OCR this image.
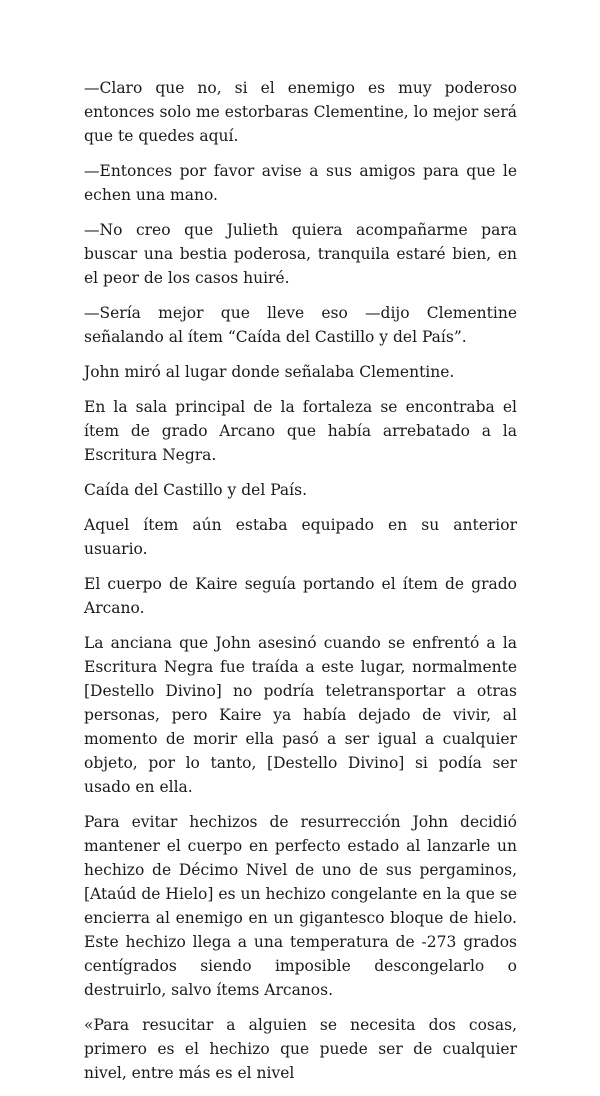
—Claro que no, si el enemigo es muy poderoso entonces solo me estorbaras Clementine, lo mejor será que te quedes aquí.

—Entonces por favor avise a sus amigos para que le echen una mano.

—No creo que Julieth quiera acompañarme para buscar una bestia poderosa, tranquila estaré bien, en el peor de los casos huiré.

—Sería mejor que lleve eso —dijo Clementine señalando al ítem “Caída del Castillo y del País”.

John miró al lugar donde señalaba Clementine.

En la sala principal de la fortaleza se encontraba el ítem de grado Arcano que había arrebatado a la Escritura Negra.

Caída del Castillo y del País.

Aquel ítem aún estaba equipado en su anterior usuario.

El cuerpo de Kaire seguía portando el ítem de grado Arcano.

La anciana que John asesinó cuando se enfrentó a la Escritura Negra fue traída a este lugar, normalmente [Destello Divino] no podría teletransportar a otras personas, pero Kaire ya había dejado de vivir, al momento de morir ella pasó a ser igual a cualquier objeto, por lo tanto, [Destello Divino] si podía ser usado en ella.

Para evitar hechizos de resurrección John decidió mantener el cuerpo en perfecto estado al lanzarle un hechizo de Décimo Nivel de uno de sus pergaminos, [Ataúd de Hielo] es un hechizo congelante en la que se encierra al enemigo en un gigantesco bloque de hielo. Este hechizo llega a una temperatura de -273 grados centígrados siendo imposible descongelarlo o destruirlo, salvo ítems Arcanos.

«Para resucitar a alguien se necesita dos cosas, primero es el hechizo que puede ser de cualquier nivel, entre más es el nivel
